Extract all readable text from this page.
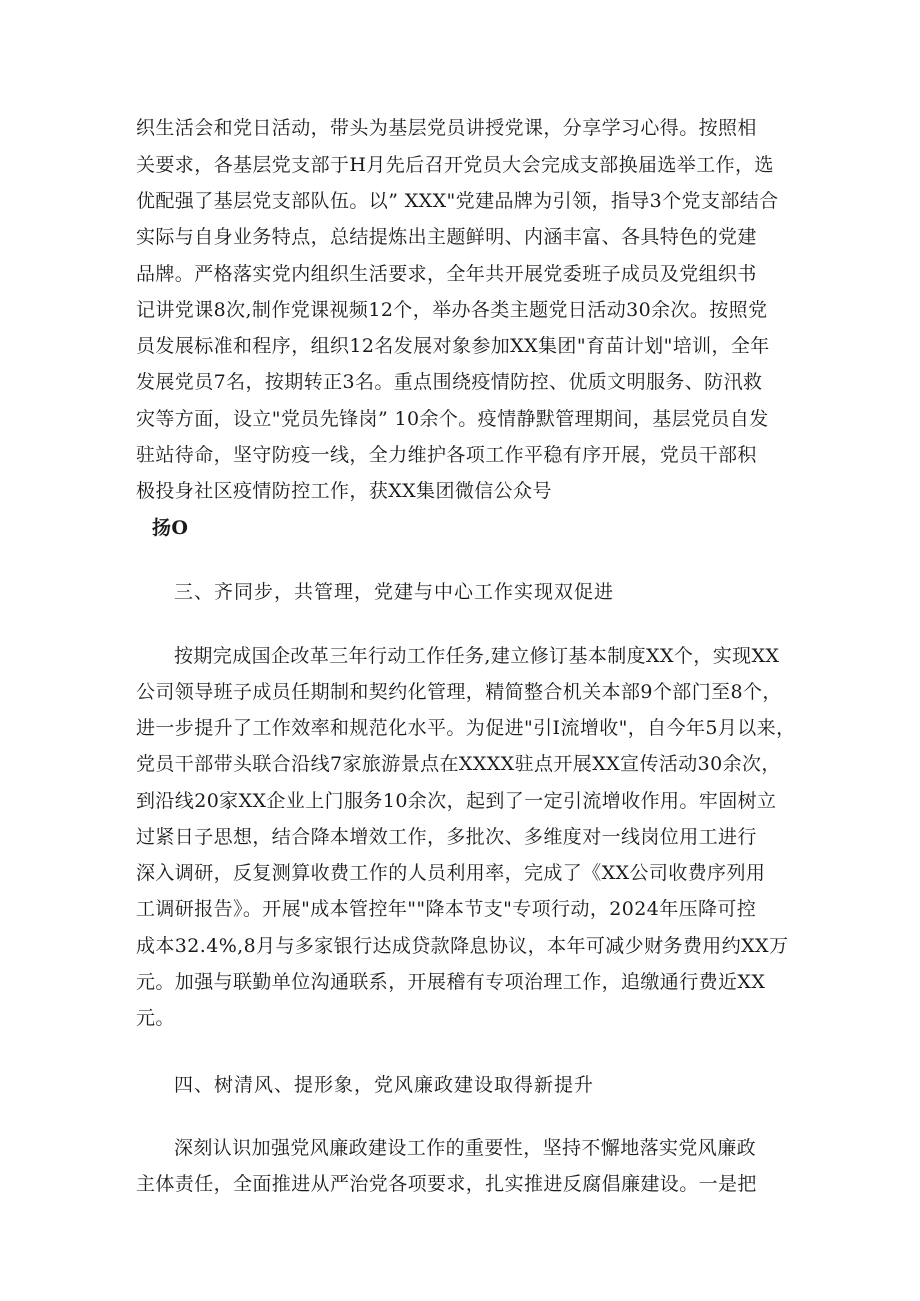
织生活会和党日活动，带头为基层党员讲授党课，分享学习心得。按照相
关要求，各基层党支部于H月先后召开党员大会完成支部换届选举工作，选
优配强了基层党支部队伍。以” XXX"党建品牌为引领，指导3个党支部结合
实际与自身业务特点，总结提炼出主题鲜明、内涵丰富、各具特色的党建
品牌。严格落实党内组织生活要求，全年共开展党委班子成员及党组织书
记讲党课8次,制作党课视频12个，举办各类主题党日活动30余次。按照党
员发展标准和程序，组织12名发展对象参加XX集团"育苗计划"培训，全年
发展党员7名，按期转正3名。重点围绕疫情防控、优质文明服务、防汛救
灾等方面，设立"党员先锋岗” 10余个。疫情静默管理期间，基层党员自发
驻站待命，坚守防疫一线，全力维护各项工作平稳有序开展，党员干部积
极投身社区疫情防控工作，获XX集团微信公众号
扬O
三、齐同步，共管理，党建与中心工作实现双促进
按期完成国企改革三年行动工作任务,建立修订基本制度XX个，实现XX
公司领导班子成员任期制和契约化管理，精简整合机关本部9个部门至8个，
进一步提升了工作效率和规范化水平。为促进"引I流增收"，自今年5月以来，
党员干部带头联合沿线7家旅游景点在XXXX驻点开展XX宣传活动30余次，
到沿线20家XX企业上门服务10余次，起到了一定引流增收作用。牢固树立
过紧日子思想，结合降本增效工作，多批次、多维度对一线岗位用工进行
深入调研，反复测算收费工作的人员利用率，完成了《XX公司收费序列用
工调研报告》。开展"成本管控年""降本节支"专项行动，2024年压降可控
成本32.4%,8月与多家银行达成贷款降息协议，本年可减少财务费用约XX万
元。加强与联勤单位沟通联系，开展稽有专项治理工作，追缴通行费近XX
元。
四、树清风、提形象，党风廉政建设取得新提升
深刻认识加强党风廉政建设工作的重要性，坚持不懈地落实党风廉政
主体责任，全面推进从严治党各项要求，扎实推进反腐倡廉建设。一是把
